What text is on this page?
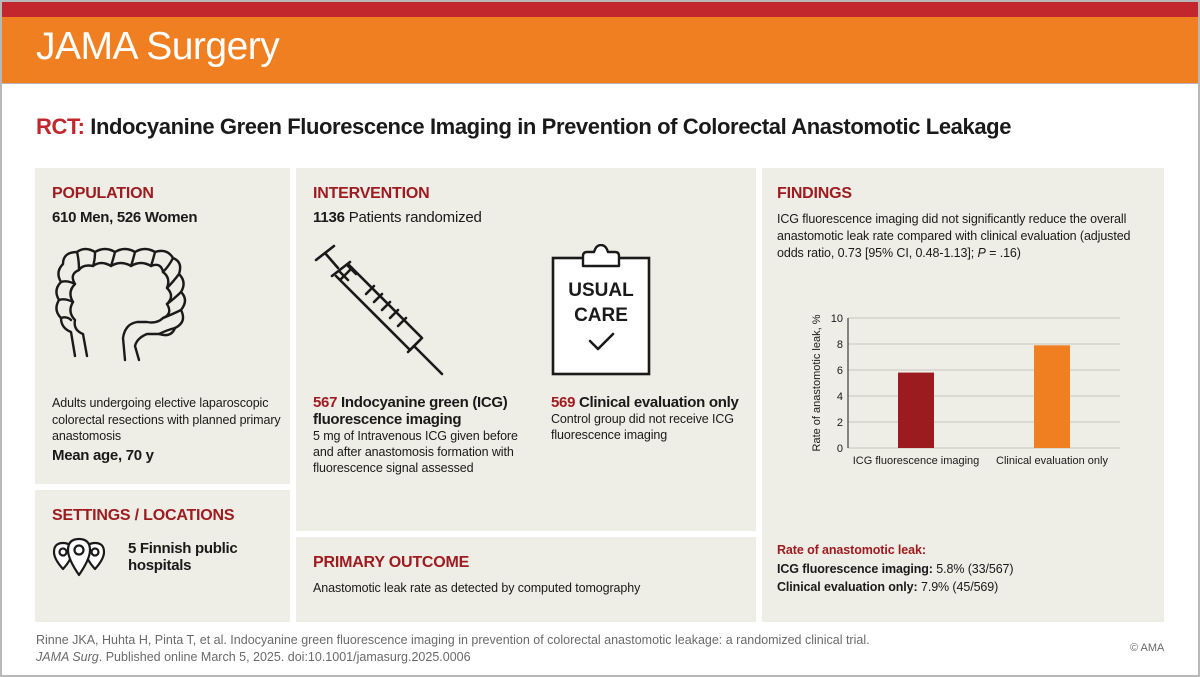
JAMA Surgery
RCT: Indocyanine Green Fluorescence Imaging in Prevention of Colorectal Anastomotic Leakage
POPULATION
610 Men, 526 Women
Adults undergoing elective laparoscopic colorectal resections with planned primary anastomosis
Mean age, 70 y
SETTINGS / LOCATIONS
5 Finnish public
hospitals
INTERVENTION
1136 Patients randomized
USUAL
CARE
567 Indocyanine green (ICG)
fluorescence imaging
5 mg of Intravenous ICG given before
and after anastomosis formation with
fluorescence signal assessed
569 Clinical evaluation only
Control group did not receive ICG
fluorescence imaging
PRIMARY OUTCOME
Anastomotic leak rate as detected by computed tomography
FINDINGS
ICG fluorescence imaging did not significantly reduce the overall
anastomotic leak rate compared with clinical evaluation (adjusted
odds ratio, 0.73 [95% CI, 0.48-1.13]; P = .16)
Rate of anastomotic leak:
ICG fluorescence imaging: 5.8% (33/567)
Clinical evaluation only: 7.9% (45/569)
0
2
4
6
8
10
ICG fluorescence imaging Clinical evaluation only
Rate of anastomotic leak, %
Rinne JKA, Huhta H, Pinta T, et al. Indocyanine green fluorescence imaging in prevention of colorectal anastomotic leakage: a randomized clinical trial.
JAMA Surg. Published online March 5, 2025. doi:10.1001/jamasurg.2025.0006
© AMA
